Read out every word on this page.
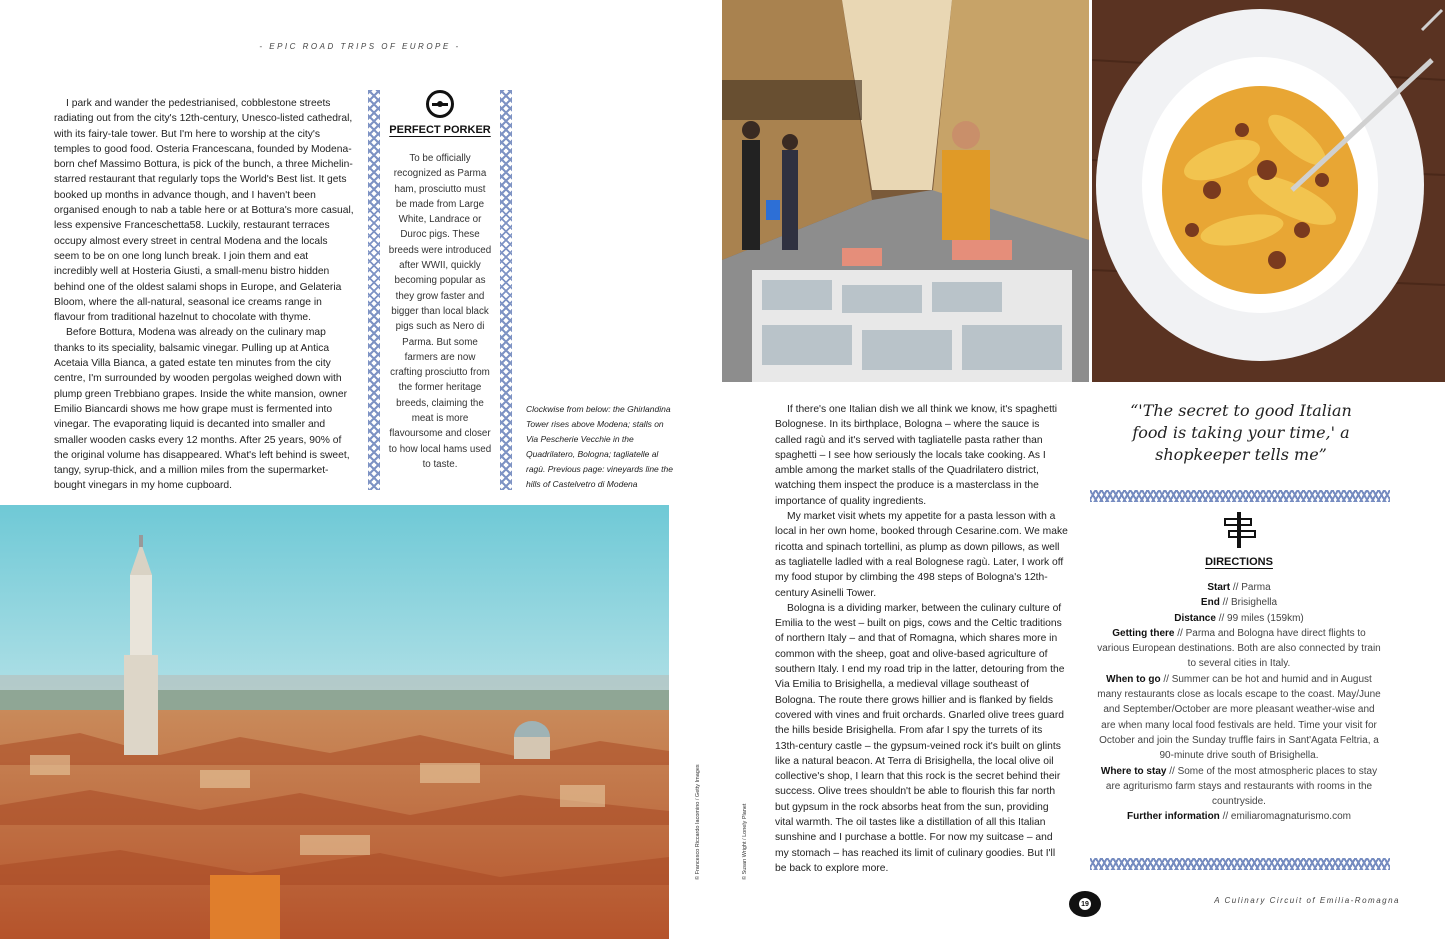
- EPIC ROAD TRIPS OF EUROPE -

I park and wander the pedestrianised, cobblestone streets radiating out from the city's 12th-century, Unesco-listed cathedral, with its fairy-tale tower. But I'm here to worship at the city's temples to good food. Osteria Francescana, founded by Modena-born chef Massimo Bottura, is pick of the bunch, a three Michelin-starred restaurant that regularly tops the World's Best list. It gets booked up months in advance though, and I haven't been organised enough to nab a table here or at Bottura's more casual, less expensive Franceschetta58. Luckily, restaurant terraces occupy almost every street in central Modena and the locals seem to be on one long lunch break. I join them and eat incredibly well at Hosteria Giusti, a small-menu bistro hidden behind one of the oldest salami shops in Europe, and Gelateria Bloom, where the all-natural, seasonal ice creams range in flavour from traditional hazelnut to chocolate with thyme.

Before Bottura, Modena was already on the culinary map thanks to its speciality, balsamic vinegar. Pulling up at Antica Acetaia Villa Bianca, a gated estate ten minutes from the city centre, I'm surrounded by wooden pergolas weighed down with plump green Trebbiano grapes. Inside the white mansion, owner Emilio Biancardi shows me how grape must is fermented into vinegar. The evaporating liquid is decanted into smaller and smaller wooden casks every 12 months. After 25 years, 90% of the original volume has disappeared. What's left behind is sweet, tangy, syrup-thick, and a million miles from the supermarket-bought vinegars in my home cupboard.

PERFECT PORKER
To be officially recognized as Parma ham, prosciutto must be made from Large White, Landrace or Duroc pigs. These breeds were introduced after WWII, quickly becoming popular as they grow faster and bigger than local black pigs such as Nero di Parma. But some farmers are now crafting prosciutto from the former heritage breeds, claiming the meat is more flavoursome and closer to how local hams used to taste.
Clockwise from below: the Ghirlandina Tower rises above Modena; stalls on Via Pescherie Vecchie in the Quadrilatero, Bologna; tagliatelle al ragù. Previous page: vineyards line the hills of Castelvetro di Modena
© Francesco Riccardo Iacomino / Getty Images	© Susan Wright / Lonely Planet

If there's one Italian dish we all think we know, it's spaghetti Bolognese. In its birthplace, Bologna – where the sauce is called ragù and it's served with tagliatelle pasta rather than spaghetti – I see how seriously the locals take cooking. As I amble among the market stalls of the Quadrilatero district, watching them inspect the produce is a masterclass in the importance of quality ingredients.

My market visit whets my appetite for a pasta lesson with a local in her own home, booked through Cesarine.com. We make ricotta and spinach tortellini, as plump as down pillows, as well as tagliatelle ladled with a real Bolognese ragù. Later, I work off my food stupor by climbing the 498 steps of Bologna's 12th-century Asinelli Tower.

Bologna is a dividing marker, between the culinary culture of Emilia to the west – built on pigs, cows and the Celtic traditions of northern Italy – and that of Romagna, which shares more in common with the sheep, goat and olive-based agriculture of southern Italy. I end my road trip in the latter, detouring from the Via Emilia to Brisighella, a medieval village southeast of Bologna. The route there grows hillier and is flanked by fields covered with vines and fruit orchards. Gnarled olive trees guard the hills beside Brisighella. From afar I spy the turrets of its 13th-century castle – the gypsum-veined rock it's built on glints like a natural beacon. At Terra di Brisighella, the local olive oil collective's shop, I learn that this rock is the secret behind their success. Olive trees shouldn't be able to flourish this far north but gypsum in the rock absorbs heat from the sun, providing vital warmth. The oil tastes like a distillation of all this Italian sunshine and I purchase a bottle. For now my suitcase – and my stomach – has reached its limit of culinary goodies. But I'll be back to explore more.

“'The secret to good Italian food is taking your time,' a shopkeeper tells me”
DIRECTIONS
Start // Parma
End // Brisighella
Distance // 99 miles (159km)
Getting there // Parma and Bologna have direct flights to various European destinations. Both are also connected by train to several cities in Italy.
When to go // Summer can be hot and humid and in August many restaurants close as locals escape to the coast. May/June and September/October are more pleasant weather-wise and are when many local food festivals are held. Time your visit for October and join the Sunday truffle fairs in Sant'Agata Feltria, a 90-minute drive south of Brisighella.
Where to stay // Some of the most atmospheric places to stay are agriturismo farm stays and restaurants with rooms in the countryside.
Further information // emiliaromagnaturismo.com
19	A Culinary Circuit of Emilia-Romagna
